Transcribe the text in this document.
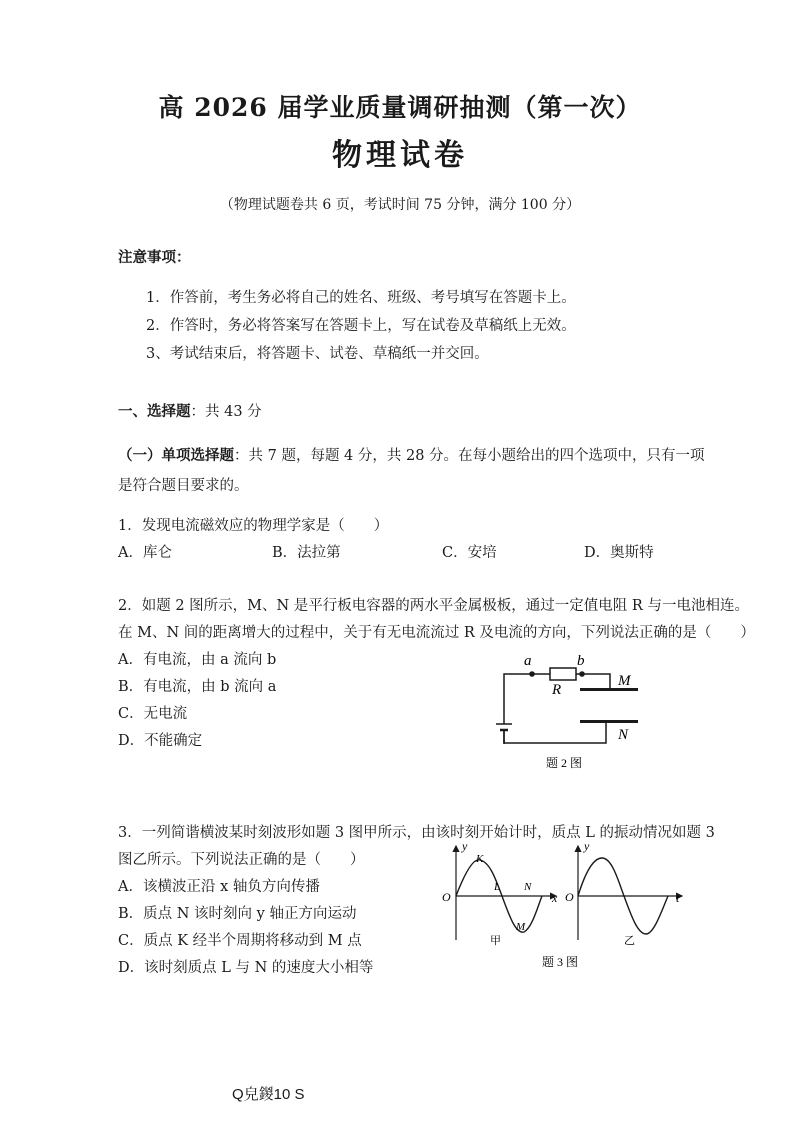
高 2026 届学业质量调研抽测（第一次）
物理试卷
（物理试题卷共 6 页，考试时间 75 分钟，满分 100 分）
注意事项：
1．作答前，考生务必将自己的姓名、班级、考号填写在答题卡上。
2．作答时，务必将答案写在答题卡上，写在试卷及草稿纸上无效。
3、考试结束后，将答题卡、试卷、草稿纸一并交回。
一、选择题：共 43 分
（一）单项选择题：共 7 题，每题 4 分，共 28 分。在每小题给出的四个选项中，只有一项
是符合题目要求的。
1．发现电流磁效应的物理学家是（　　）
A．库仑	B．法拉第	C．安培	D．奥斯特
2．如题 2 图所示，M、N 是平行板电容器的两水平金属极板，通过一定值电阻 R 与一电池相连。
在 M、N 间的距离增大的过程中，关于有无电流流过 R 及电流的方向，下列说法正确的是（　　）
A．有电流，由 a 流向 b
B．有电流，由 b 流向 a
C．无电流
D．不能确定
a	b
R
M
N
题 2 图
3．一列简谐横波某时刻波形如题 3 图甲所示，由该时刻开始计时，质点 L 的振动情况如题 3
图乙所示。下列说法正确的是（　　）
A．该横波正沿 x 轴负方向传播
B．质点 N 该时刻向 y 轴正方向运动
C．质点 K 经半个周期将移动到 M 点
D．该时刻质点 L 与 N 的速度大小相等
y
x
O
K
L N
M
甲
y
t
O
乙
题 3 图
Q皃鍐10 S
